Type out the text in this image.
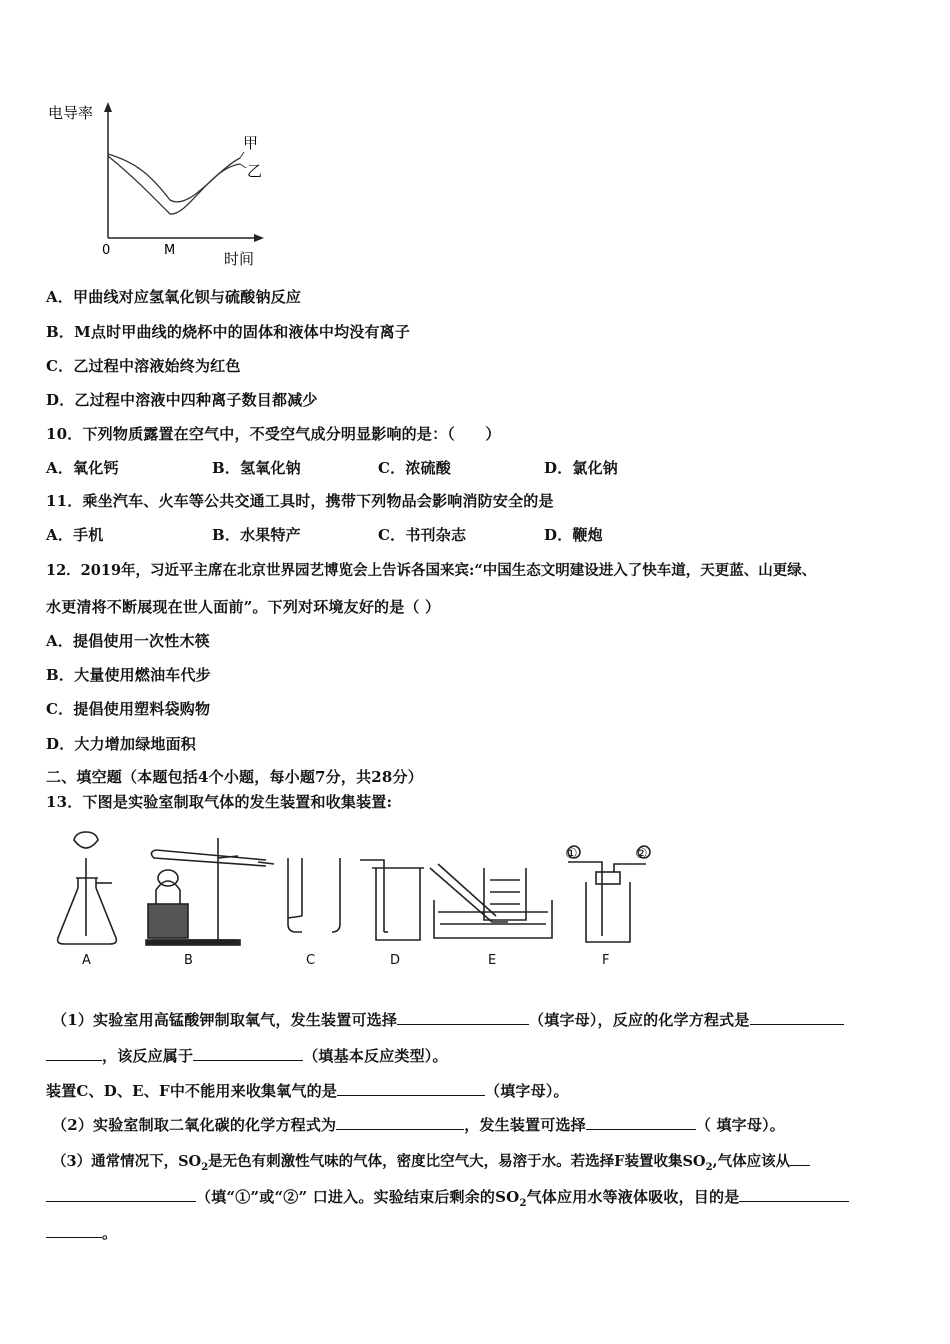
电导率
甲
乙
0	M	时间
A．甲曲线对应氢氧化钡与硫酸钠反应
B．M点时甲曲线的烧杯中的固体和液体中均没有离子
C．乙过程中溶液始终为红色
D．乙过程中溶液中四种离子数目都减少
10．下列物质露置在空气中，不受空气成分明显影响的是：（　　）
A．氧化钙	B．氢氧化钠	C．浓硫酸	D．氯化钠
11．乘坐汽车、火车等公共交通工具时，携带下列物品会影响消防安全的是
A．手机	B．水果特产	C．书刊杂志	D．鞭炮
12．2019年，习近平主席在北京世界园艺博览会上告诉各国来宾:“中国生态文明建设进入了快车道，天更蓝、山更绿、
水更清将不断展现在世人面前”。下列对环境友好的是（ ）
A．提倡使用一次性木筷
B．大量使用燃油车代步
C．提倡使用塑料袋购物
D．大力增加绿地面积
二、填空题（本题包括4个小题，每小题7分，共28分）
13．下图是实验室制取气体的发生装置和收集装置:
①	②
A	B	C	D	E	F
（1）实验室用高锰酸钾制取氧气，发生装置可选择	（填字母），反应的化学方程式是
，该反应属于	（填基本反应类型）。
装置C、D、E、F中不能用来收集氧气的是	（填字母）。
（2）实验室制取二氧化碳的化学方程式为	，发生装置可选择	（ 填字母）。
（3）通常情况下，$SO_2$是无色有刺激性气味的气体，密度比空气大，易溶于水。若选择F装置收集$SO_2$,气体应该从
（填“①”或“②” 口进入。实验结束后剩余的$SO_2$气体应用水等液体吸收，目的是
。
